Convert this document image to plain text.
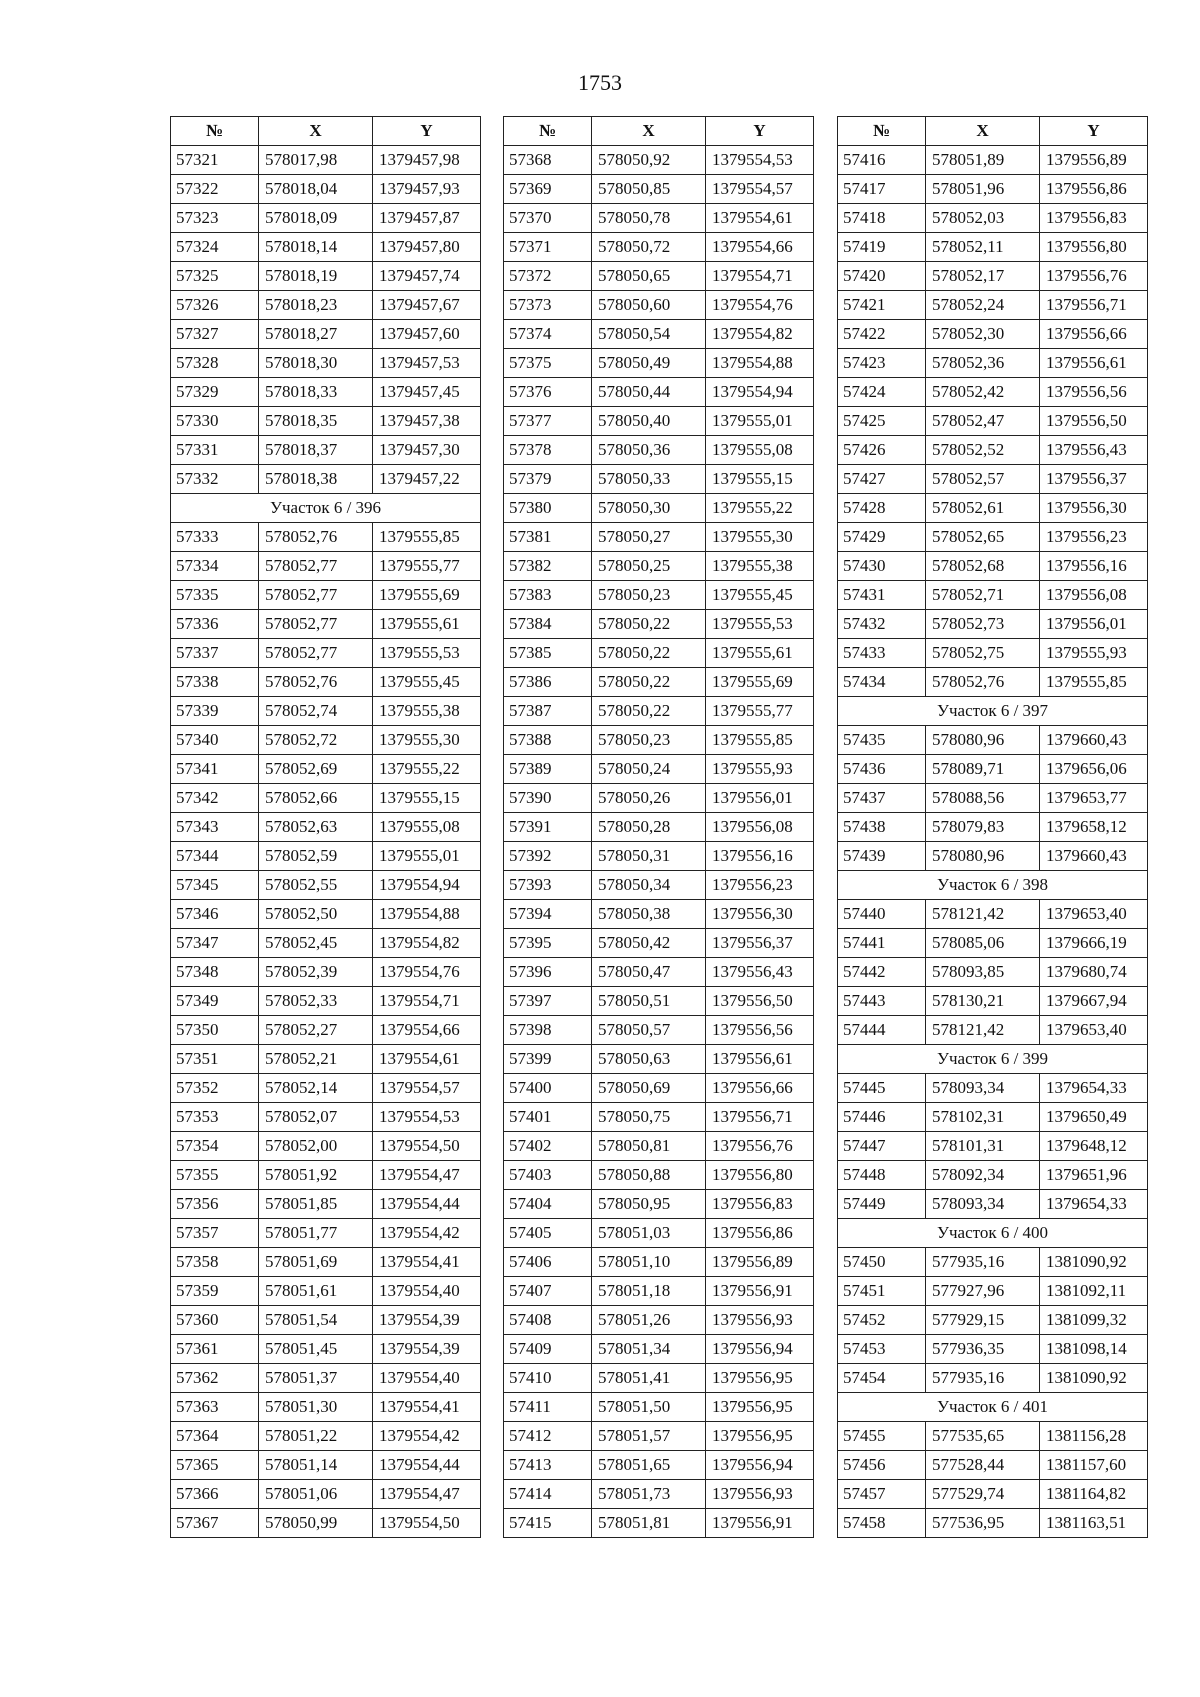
1753
№	X	Y
57321	578017,98	1379457,98
57322	578018,04	1379457,93
57323	578018,09	1379457,87
57324	578018,14	1379457,80
57325	578018,19	1379457,74
57326	578018,23	1379457,67
57327	578018,27	1379457,60
57328	578018,30	1379457,53
57329	578018,33	1379457,45
57330	578018,35	1379457,38
57331	578018,37	1379457,30
57332	578018,38	1379457,22
Участок 6 / 396		
57333	578052,76	1379555,85
57334	578052,77	1379555,77
57335	578052,77	1379555,69
57336	578052,77	1379555,61
57337	578052,77	1379555,53
57338	578052,76	1379555,45
57339	578052,74	1379555,38
57340	578052,72	1379555,30
57341	578052,69	1379555,22
57342	578052,66	1379555,15
57343	578052,63	1379555,08
57344	578052,59	1379555,01
57345	578052,55	1379554,94
57346	578052,50	1379554,88
57347	578052,45	1379554,82
57348	578052,39	1379554,76
57349	578052,33	1379554,71
57350	578052,27	1379554,66
57351	578052,21	1379554,61
57352	578052,14	1379554,57
57353	578052,07	1379554,53
57354	578052,00	1379554,50
57355	578051,92	1379554,47
57356	578051,85	1379554,44
57357	578051,77	1379554,42
57358	578051,69	1379554,41
57359	578051,61	1379554,40
57360	578051,54	1379554,39
57361	578051,45	1379554,39
57362	578051,37	1379554,40
57363	578051,30	1379554,41
57364	578051,22	1379554,42
57365	578051,14	1379554,44
57366	578051,06	1379554,47
57367	578050,99	1379554,50
№	X	Y
57368	578050,92	1379554,53
57369	578050,85	1379554,57
57370	578050,78	1379554,61
57371	578050,72	1379554,66
57372	578050,65	1379554,71
57373	578050,60	1379554,76
57374	578050,54	1379554,82
57375	578050,49	1379554,88
57376	578050,44	1379554,94
57377	578050,40	1379555,01
57378	578050,36	1379555,08
57379	578050,33	1379555,15
57380	578050,30	1379555,22
57381	578050,27	1379555,30
57382	578050,25	1379555,38
57383	578050,23	1379555,45
57384	578050,22	1379555,53
57385	578050,22	1379555,61
57386	578050,22	1379555,69
57387	578050,22	1379555,77
57388	578050,23	1379555,85
57389	578050,24	1379555,93
57390	578050,26	1379556,01
57391	578050,28	1379556,08
57392	578050,31	1379556,16
57393	578050,34	1379556,23
57394	578050,38	1379556,30
57395	578050,42	1379556,37
57396	578050,47	1379556,43
57397	578050,51	1379556,50
57398	578050,57	1379556,56
57399	578050,63	1379556,61
57400	578050,69	1379556,66
57401	578050,75	1379556,71
57402	578050,81	1379556,76
57403	578050,88	1379556,80
57404	578050,95	1379556,83
57405	578051,03	1379556,86
57406	578051,10	1379556,89
57407	578051,18	1379556,91
57408	578051,26	1379556,93
57409	578051,34	1379556,94
57410	578051,41	1379556,95
57411	578051,50	1379556,95
57412	578051,57	1379556,95
57413	578051,65	1379556,94
57414	578051,73	1379556,93
57415	578051,81	1379556,91
№	X	Y
57416	578051,89	1379556,89
57417	578051,96	1379556,86
57418	578052,03	1379556,83
57419	578052,11	1379556,80
57420	578052,17	1379556,76
57421	578052,24	1379556,71
57422	578052,30	1379556,66
57423	578052,36	1379556,61
57424	578052,42	1379556,56
57425	578052,47	1379556,50
57426	578052,52	1379556,43
57427	578052,57	1379556,37
57428	578052,61	1379556,30
57429	578052,65	1379556,23
57430	578052,68	1379556,16
57431	578052,71	1379556,08
57432	578052,73	1379556,01
57433	578052,75	1379555,93
57434	578052,76	1379555,85
Участок 6 / 397		
57435	578080,96	1379660,43
57436	578089,71	1379656,06
57437	578088,56	1379653,77
57438	578079,83	1379658,12
57439	578080,96	1379660,43
Участок 6 / 398		
57440	578121,42	1379653,40
57441	578085,06	1379666,19
57442	578093,85	1379680,74
57443	578130,21	1379667,94
57444	578121,42	1379653,40
Участок 6 / 399		
57445	578093,34	1379654,33
57446	578102,31	1379650,49
57447	578101,31	1379648,12
57448	578092,34	1379651,96
57449	578093,34	1379654,33
Участок 6 / 400		
57450	577935,16	1381090,92
57451	577927,96	1381092,11
57452	577929,15	1381099,32
57453	577936,35	1381098,14
57454	577935,16	1381090,92
Участок 6 / 401		
57455	577535,65	1381156,28
57456	577528,44	1381157,60
57457	577529,74	1381164,82
57458	577536,95	1381163,51
